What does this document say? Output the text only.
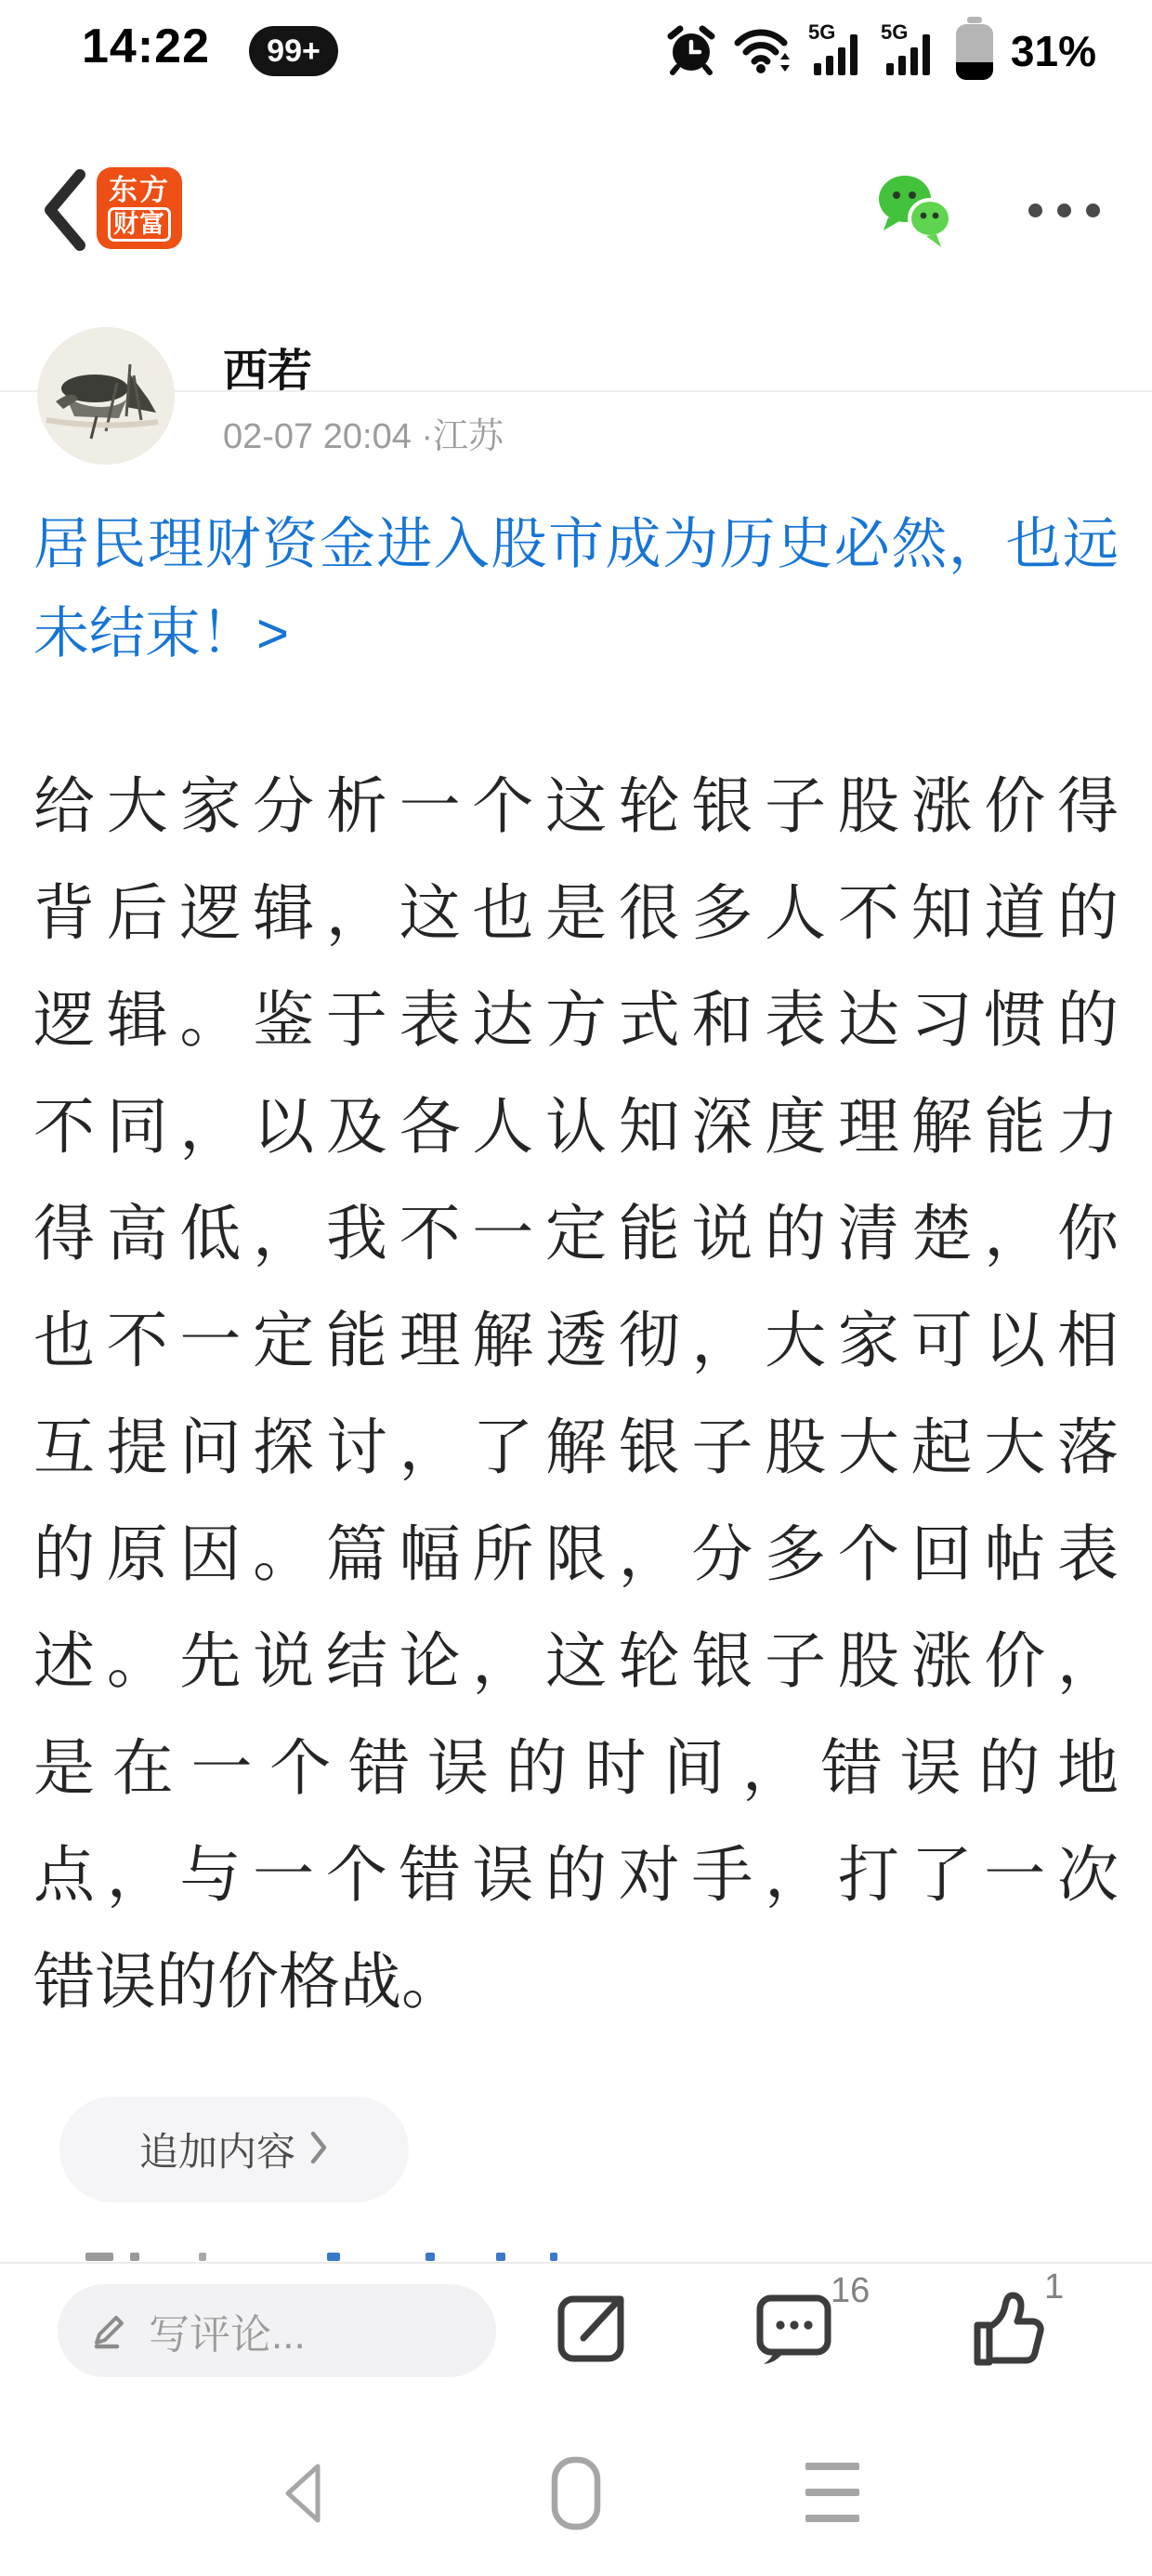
14:22	99+
5G 5G 31%
东方
财富
西若
02-07 20:04 ·江苏
居民理财资金进入股市成为历史必然，也远
未结束！>
给大家分析一个这轮银子股涨价得
背后逻辑，这也是很多人不知道的
逻辑。鉴于表达方式和表达习惯的
不同，以及各人认知深度理解能力
得高低，我不一定能说的清楚，你
也不一定能理解透彻，大家可以相
互提问探讨，了解银子股大起大落
的原因。篇幅所限，分多个回帖表
述。先说结论，这轮银子股涨价，
是在一个错误的时间，错误的地
点，与一个错误的对手，打了一次
错误的价格战。
追加内容
写评论...
16	1
